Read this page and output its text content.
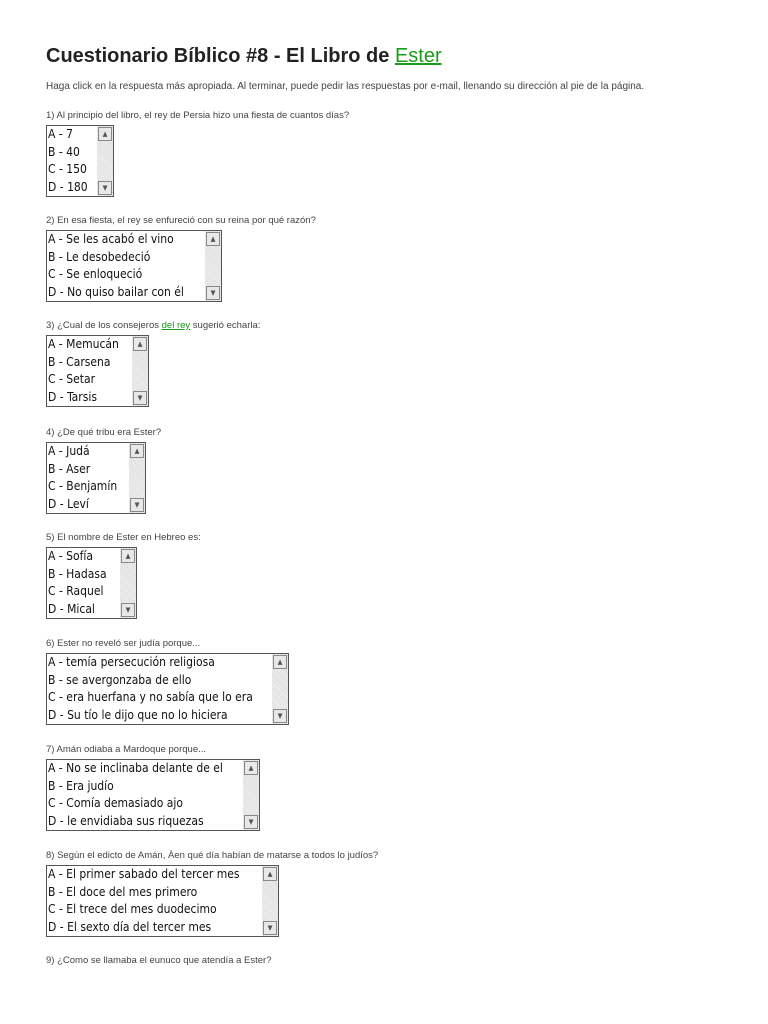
Cuestionario Bíblico #8 - El Libro de Ester
Haga click en la respuesta más apropiada. Al terminar, puede pedir las respuestas por e-mail, llenando su dirección al pie de la página.
1) Al principio del libro, el rey de Persia hizo una fiesta de cuantos días?
A - 7
B - 40
C - 150
D - 180
▲
▼
2) En esa fiesta, el rey se enfureció con su reina por qué razón?
A - Se les acabó el vino
B - Le desobedeció
C - Se enloqueció
D - No quiso bailar con él
▲
▼
3) ¿Cual de los consejeros del rey sugerió echarla:
A - Memucán
B - Carsena
C - Setar
D - Tarsis
▲
▼
4) ¿De qué tribu era Ester?
A - Judá
B - Aser
C - Benjamín
D - Leví
▲
▼
5) El nombre de Ester en Hebreo es:
A - Sofía
B - Hadasa
C - Raquel
D - Mical
▲
▼
6) Ester no reveló ser judía porque...
A - temía persecución religiosa
B - se avergonzaba de ello
C - era huerfana y no sabía que lo era
D - Su tío le dijo que no lo hiciera
▲
▼
7) Amán odiaba a Mardoque porque...
A - No se inclinaba delante de el
B - Era judío
C - Comía demasiado ajo
D - le envidiaba sus riquezas
▲
▼
8) Según el edicto de Amán, Àen qué día habían de matarse a todos lo judíos?
A - El primer sabado del tercer mes
B - El doce del mes primero
C - El trece del mes duodecimo
D - El sexto día del tercer mes
▲
▼
9) ¿Como se llamaba el eunuco que atendía a Ester?
